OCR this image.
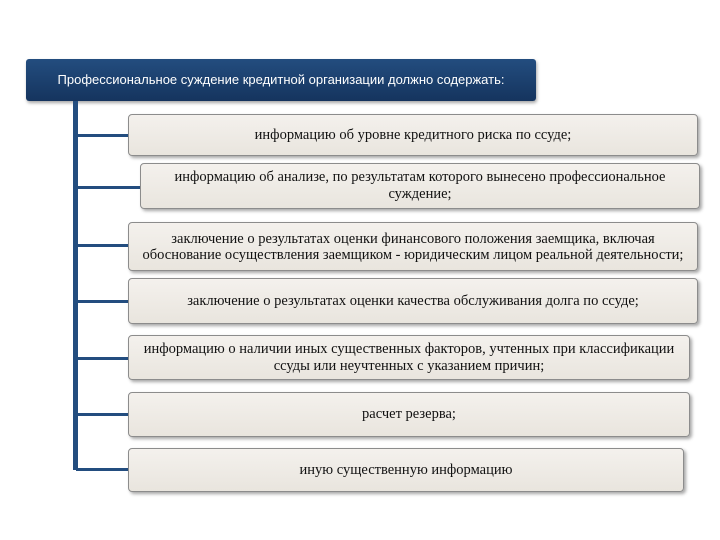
Профессиональное суждение кредитной организации должно содержать:
информацию об уровне кредитного риска по ссуде;
информацию об анализе, по результатам которого вынесено профессиональное суждение;
заключение о результатах оценки финансового положения заемщика, включая обоснование осуществления заемщиком - юридическим лицом реальной деятельности;
заключение о результатах оценки качества обслуживания долга по ссуде;
информацию о наличии иных существенных факторов, учтенных при классификации ссуды или неучтенных с указанием причин;
расчет резерва;
иную существенную информацию
